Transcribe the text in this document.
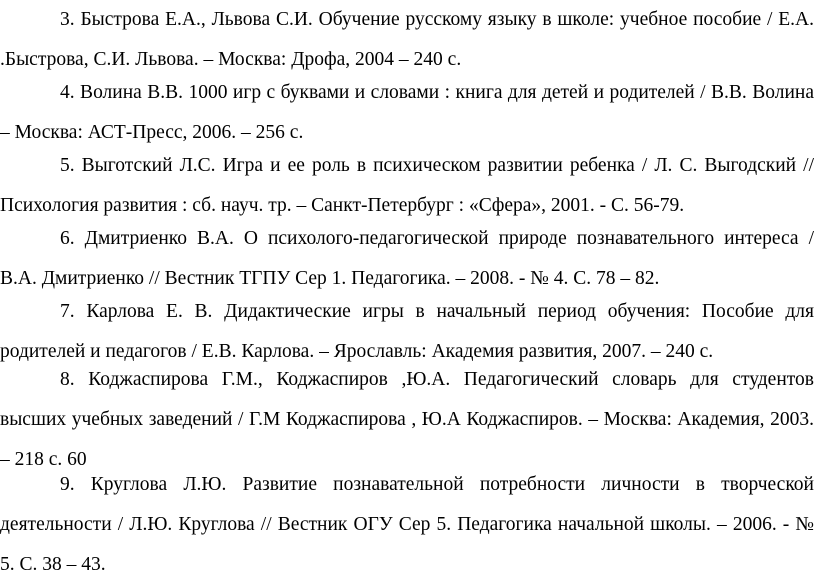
3. Быстрова Е.А., Львова С.И. Обучение русскому языку в школе: учебное пособие / Е.А. .Быстрова, С.И. Львова. – Москва: Дрофа, 2004 – 240 с.

4. Волина В.В. 1000 игр с буквами и словами : книга для детей и родителей / В.В. Волина – Москва: АСТ-Пресс, 2006. – 256 с.

5. Выготский Л.С. Игра и ее роль в психическом развитии ребенка / Л. С. Выгодский // Психология развития : сб. науч. тр. – Санкт-Петербург : «Сфера», 2001. - С. 56-79.

6. Дмитриенко В.А. О психолого-педагогической природе познавательного интереса / В.А. Дмитриенко // Вестник ТГПУ Сер 1. Педагогика. – 2008. - № 4. С. 78 – 82.

7. Карлова Е. В. Дидактические игры в начальный период обучения: Пособие для родителей и педагогов / Е.В. Карлова. – Ярославль: Академия развития, 2007. – 240 с.

8. Коджаспирова Г.М., Коджаспиров ,Ю.А. Педагогический словарь для студентов высших учебных заведений / Г.М Коджаспирова , Ю.А Коджаспиров. – Москва: Академия, 2003. – 218 с. 60

9. Круглова Л.Ю. Развитие познавательной потребности личности в творческой деятельности / Л.Ю. Круглова // Вестник ОГУ Сер 5. Педагогика начальной школы. – 2006. - № 5. С. 38 – 43.
